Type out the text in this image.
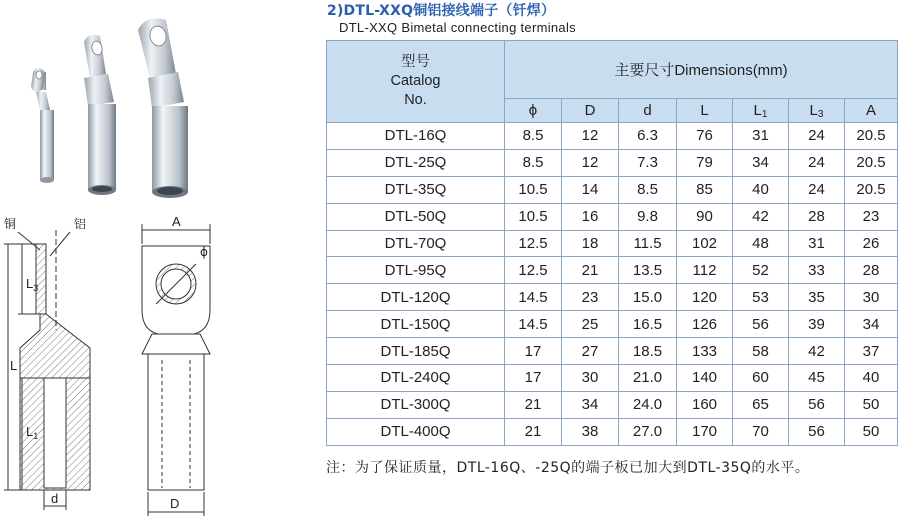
2)DTL-XXQ铜铝接线端子（钎焊）
DTL-XXQ Bimetal connecting terminals
铜	铝
$L_3$
L
$L_1$
d
A
ϕ
D
型号
Catalog
No.	主要尺寸Dimensions(mm)						
	ϕ	D	d	L	$L_1$	$L_3$	A
DTL-16Q	8.5	12	6.3	76	31	24	20.5
DTL-25Q	8.5	12	7.3	79	34	24	20.5
DTL-35Q	10.5	14	8.5	85	40	24	20.5
DTL-50Q	10.5	16	9.8	90	42	28	23
DTL-70Q	12.5	18	11.5	102	48	31	26
DTL-95Q	12.5	21	13.5	112	52	33	28
DTL-120Q	14.5	23	15.0	120	53	35	30
DTL-150Q	14.5	25	16.5	126	56	39	34
DTL-185Q	17	27	18.5	133	58	42	37
DTL-240Q	17	30	21.0	140	60	45	40
DTL-300Q	21	34	24.0	160	65	56	50
DTL-400Q	21	38	27.0	170	70	56	50
注：为了保证质量，DTL-16Q、-25Q的端子板已加大到DTL-35Q的水平。
